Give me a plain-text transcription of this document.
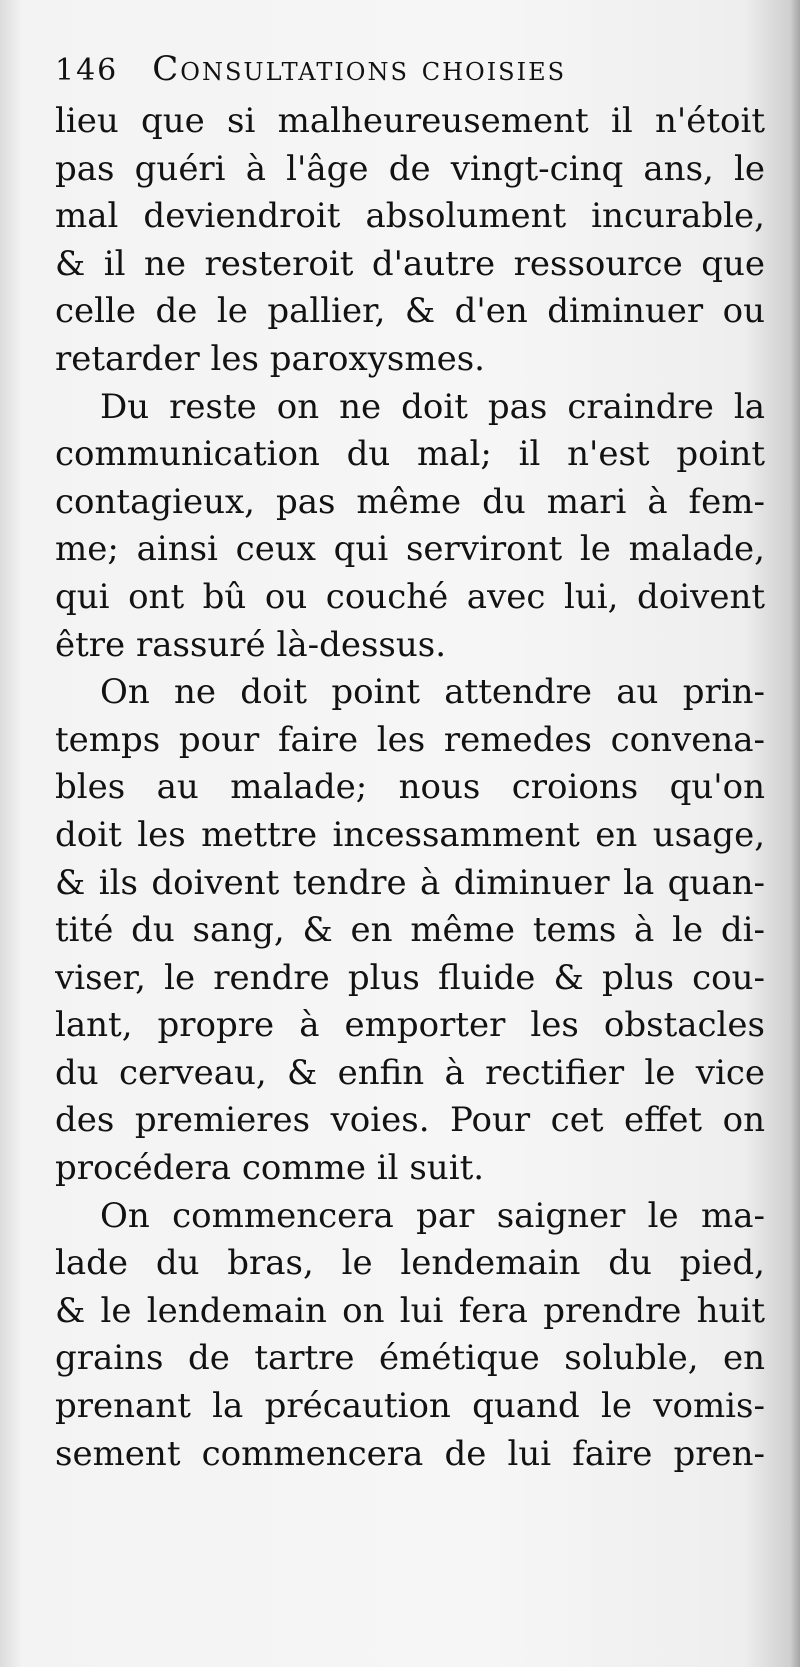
146	Consultations choisies
lieu que si malheureusement il n'étoit
pas guéri à l'âge de vingt-cinq ans, le
mal deviendroit absolument incurable,
& il ne resteroit d'autre ressource que
celle de le pallier, & d'en diminuer ou
retarder les paroxysmes.
Du reste on ne doit pas craindre la
communication du mal; il n'est point
contagieux, pas même du mari à fem-
me; ainsi ceux qui serviront le malade,
qui ont bû ou couché avec lui, doivent
être rassuré là-dessus.
On ne doit point attendre au prin-
temps pour faire les remedes convena-
bles au malade; nous croions qu'on
doit les mettre incessamment en usage,
& ils doivent tendre à diminuer la quan-
tité du sang, & en même tems à le di-
viser, le rendre plus fluide & plus cou-
lant, propre à emporter les obstacles
du cerveau, & enfin à rectifier le vice
des premieres voies. Pour cet effet on
procédera comme il suit.
On commencera par saigner le ma-
lade du bras, le lendemain du pied,
& le lendemain on lui fera prendre huit
grains de tartre émétique soluble, en
prenant la précaution quand le vomis-
sement commencera de lui faire pren-
